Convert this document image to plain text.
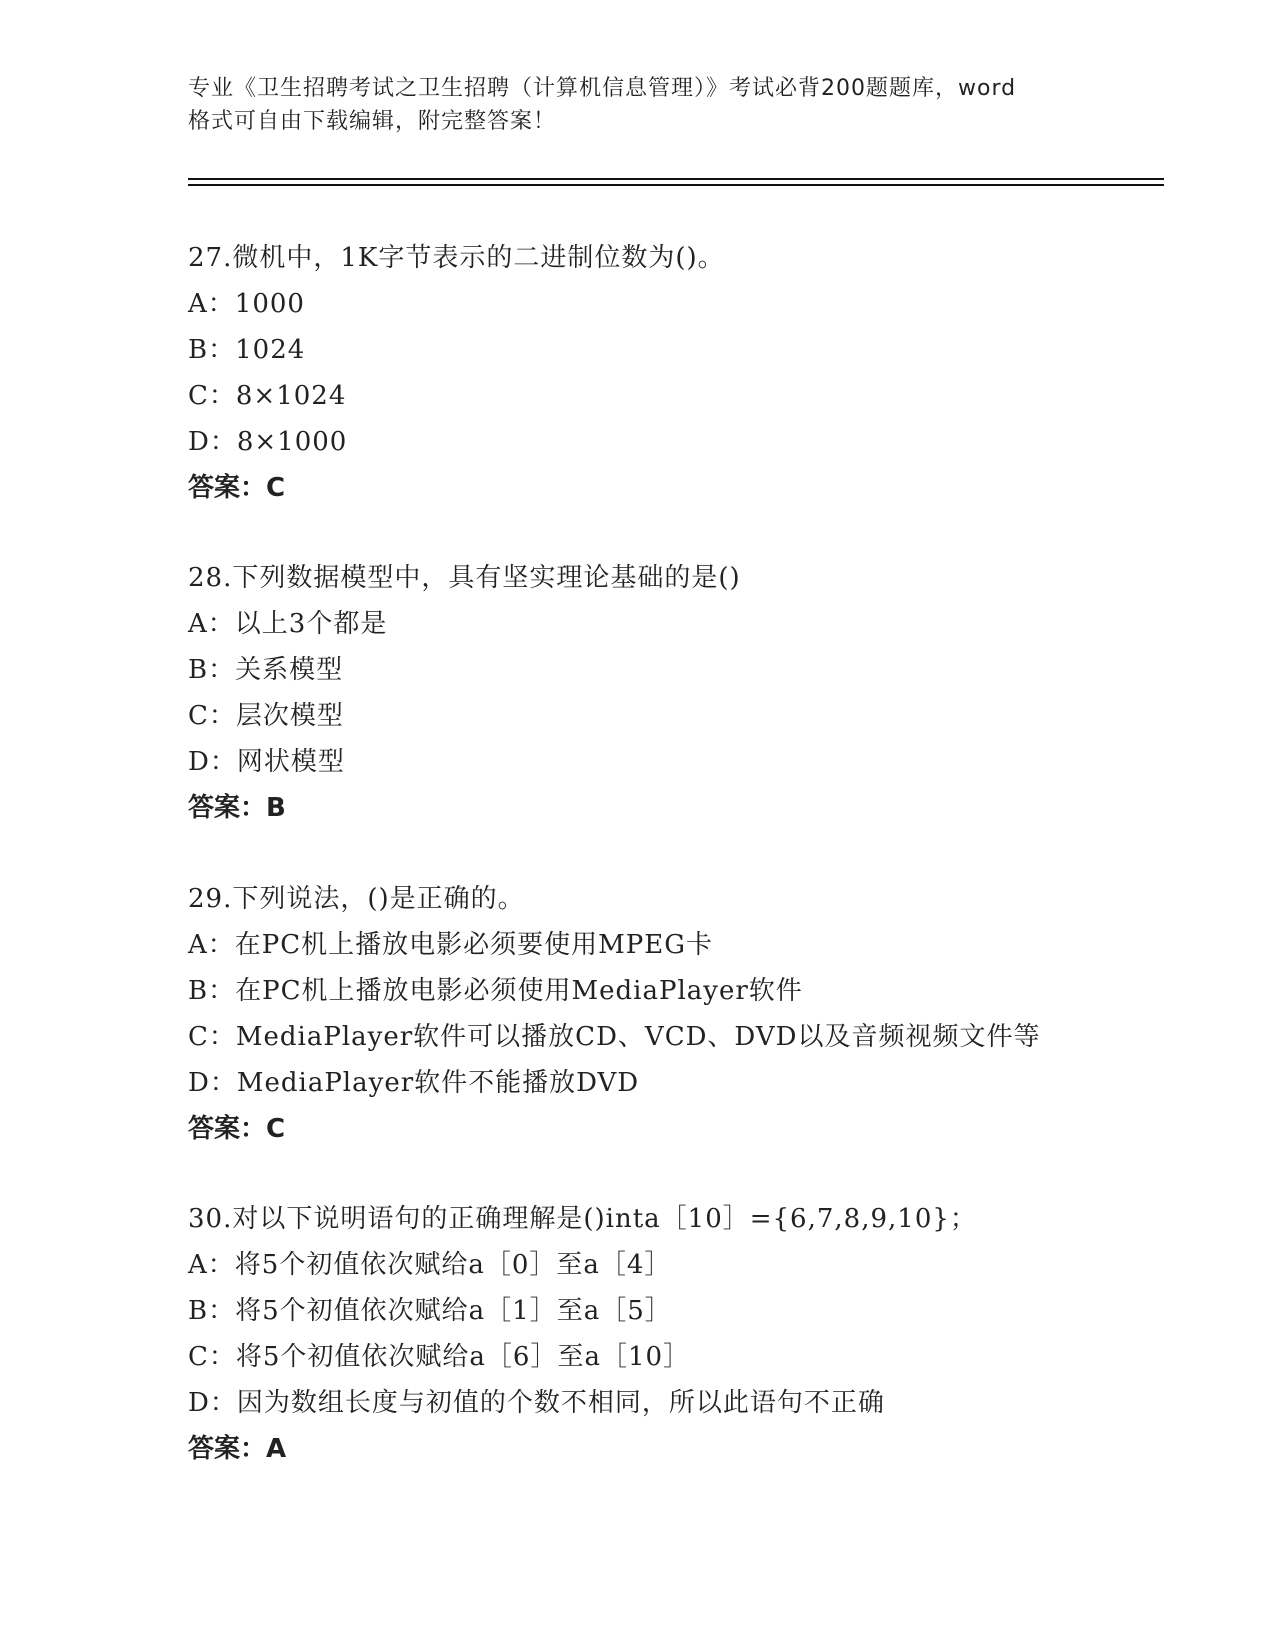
专业《卫生招聘考试之卫生招聘（计算机信息管理）》考试必背200题题库，word
格式可自由下载编辑，附完整答案！
27.微机中，1K字节表示的二进制位数为()。
A：1000
B：1024
C：8×1024
D：8×1000
答案：C
28.下列数据模型中，具有坚实理论基础的是()
A：以上3个都是
B：关系模型
C：层次模型
D：网状模型
答案：B
29.下列说法，()是正确的。
A：在PC机上播放电影必须要使用MPEG卡
B：在PC机上播放电影必须使用MediaPlayer软件
C：MediaPlayer软件可以播放CD、VCD、DVD以及音频视频文件等
D：MediaPlayer软件不能播放DVD
答案：C
30.对以下说明语句的正确理解是()inta［10］={6,7,8,9,10}；
A：将5个初值依次赋给a［0］至a［4］
B：将5个初值依次赋给a［1］至a［5］
C：将5个初值依次赋给a［6］至a［10］
D：因为数组长度与初值的个数不相同，所以此语句不正确
答案：A
